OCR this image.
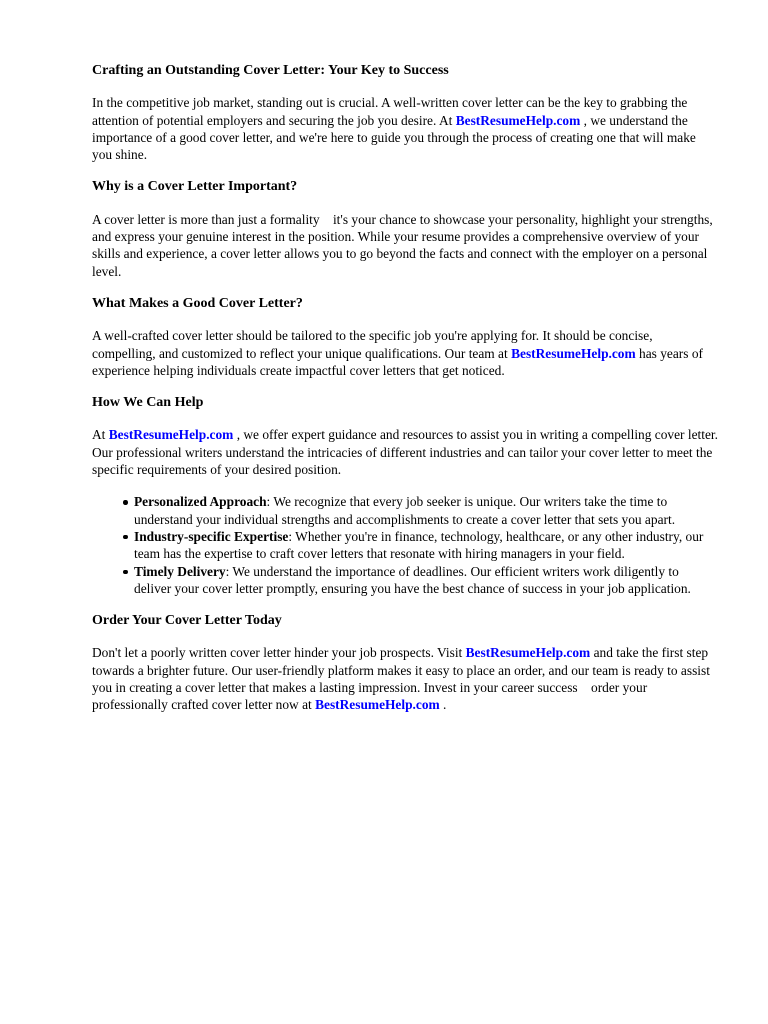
Crafting an Outstanding Cover Letter: Your Key to Success

In the competitive job market, standing out is crucial. A well-written cover letter can be the key to grabbing the attention of potential employers and securing the job you desire. At BestResumeHelp.com , we understand the importance of a good cover letter, and we're here to guide you through the process of creating one that will make you shine.

Why is a Cover Letter Important?

A cover letter is more than just a formality it's your chance to showcase your personality, highlight your strengths, and express your genuine interest in the position. While your resume provides a comprehensive overview of your skills and experience, a cover letter allows you to go beyond the facts and connect with the employer on a personal level.

What Makes a Good Cover Letter?

A well-crafted cover letter should be tailored to the specific job you're applying for. It should be concise, compelling, and customized to reflect your unique qualifications. Our team at BestResumeHelp.com has years of experience helping individuals create impactful cover letters that get noticed.

How We Can Help

At BestResumeHelp.com , we offer expert guidance and resources to assist you in writing a compelling cover letter. Our professional writers understand the intricacies of different industries and can tailor your cover letter to meet the specific requirements of your desired position.

Personalized Approach: We recognize that every job seeker is unique. Our writers take the time to understand your individual strengths and accomplishments to create a cover letter that sets you apart.
Industry-specific Expertise: Whether you're in finance, technology, healthcare, or any other industry, our team has the expertise to craft cover letters that resonate with hiring managers in your field.
Timely Delivery: We understand the importance of deadlines. Our efficient writers work diligently to deliver your cover letter promptly, ensuring you have the best chance of success in your job application.
Order Your Cover Letter Today

Don't let a poorly written cover letter hinder your job prospects. Visit BestResumeHelp.com and take the first step towards a brighter future. Our user-friendly platform makes it easy to place an order, and our team is ready to assist you in creating a cover letter that makes a lasting impression. Invest in your career success order your professionally crafted cover letter now at BestResumeHelp.com .
